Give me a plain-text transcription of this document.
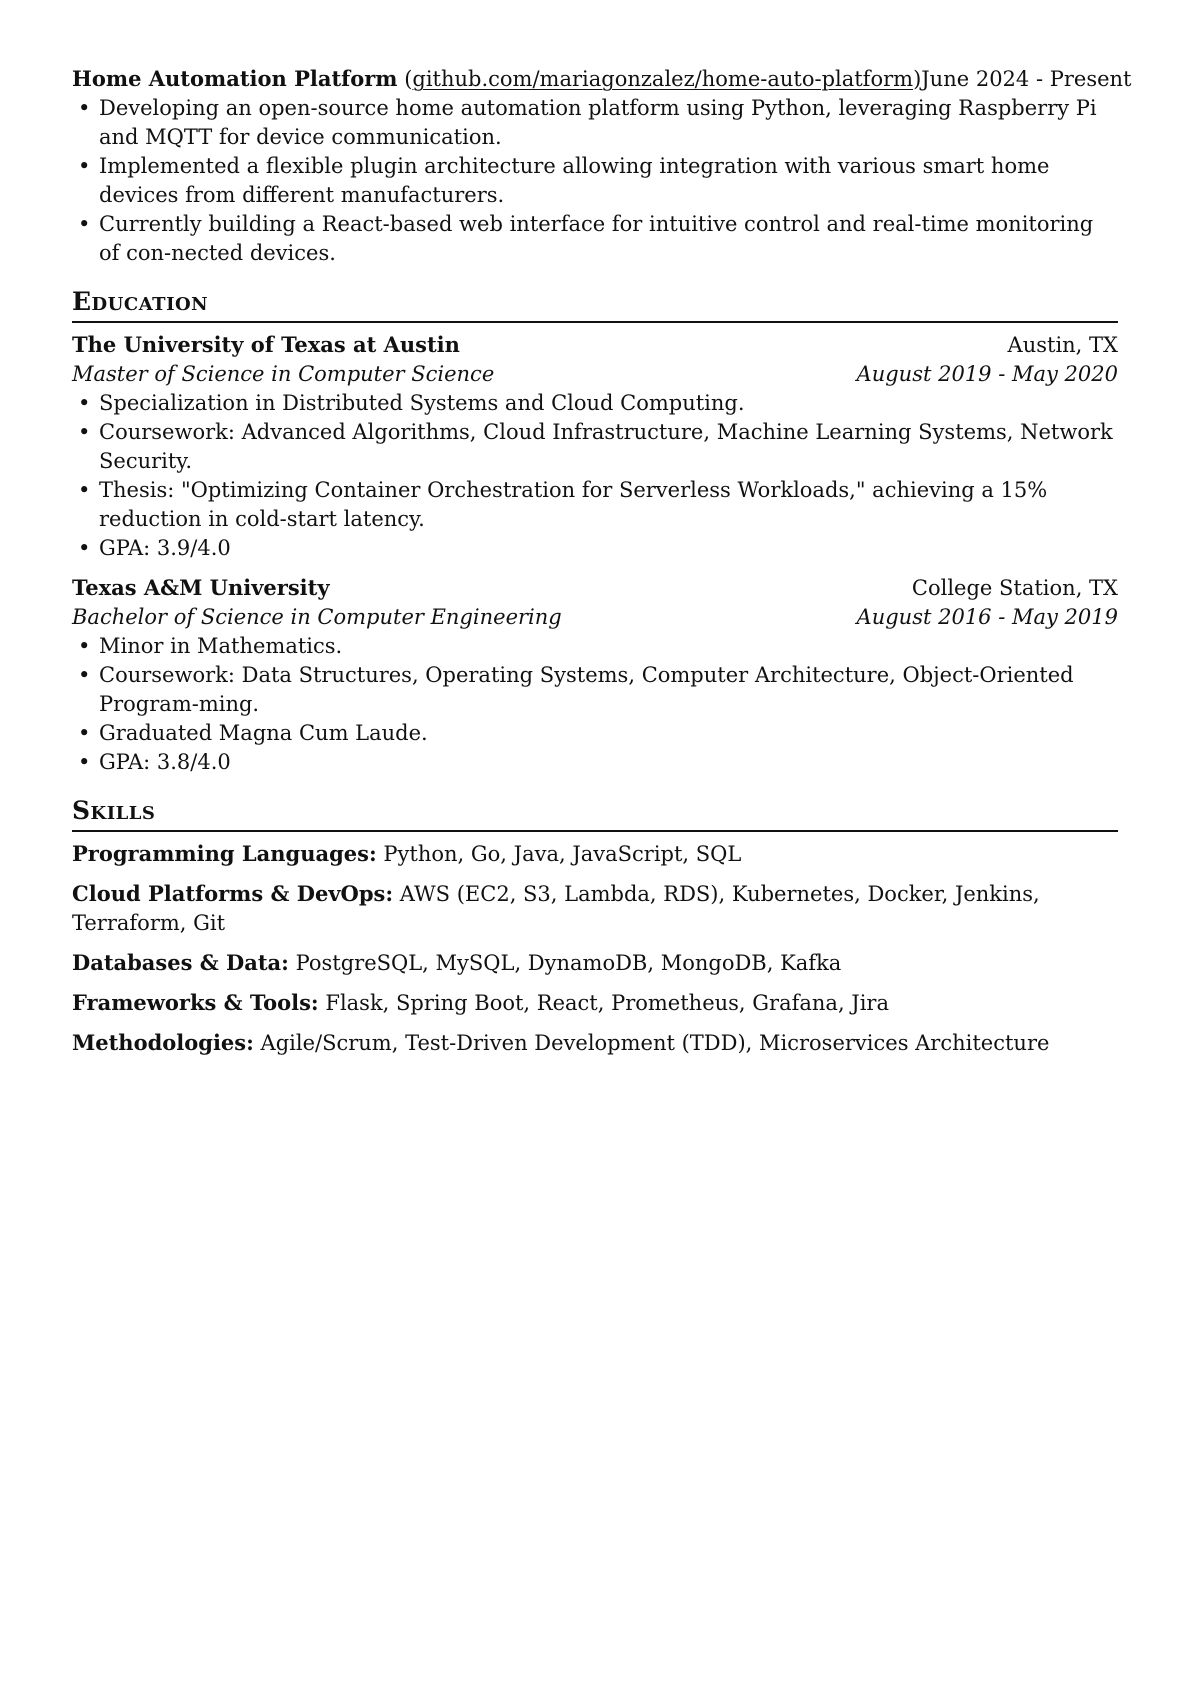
Home Automation Platform (github.com/mariagonzalez/home-auto-platform) June 2024 - Present
• Developing an open-source home automation platform using Python, leveraging Raspberry Pi and MQTT for device communication.
• Implemented a flexible plugin architecture allowing integration with various smart home devices from different manufacturers.
• Currently building a React-based web interface for intuitive control and real-time monitoring of con-nected devices.
Education
The University of Texas at Austin	Austin, TX
Master of Science in Computer Science	August 2019 - May 2020
• Specialization in Distributed Systems and Cloud Computing.
• Coursework: Advanced Algorithms, Cloud Infrastructure, Machine Learning Systems, Network Security.
• Thesis: "Optimizing Container Orchestration for Serverless Workloads," achieving a 15% reduction in cold-start latency.
• GPA: 3.9/4.0
Texas A&M University	College Station, TX
Bachelor of Science in Computer Engineering	August 2016 - May 2019
• Minor in Mathematics.
• Coursework: Data Structures, Operating Systems, Computer Architecture, Object-Oriented Program-ming.
• Graduated Magna Cum Laude.
• GPA: 3.8/4.0
Skills
Programming Languages: Python, Go, Java, JavaScript, SQL
Cloud Platforms & DevOps: AWS (EC2, S3, Lambda, RDS), Kubernetes, Docker, Jenkins, Terraform, Git
Databases & Data: PostgreSQL, MySQL, DynamoDB, MongoDB, Kafka
Frameworks & Tools: Flask, Spring Boot, React, Prometheus, Grafana, Jira
Methodologies: Agile/Scrum, Test-Driven Development (TDD), Microservices Architecture
